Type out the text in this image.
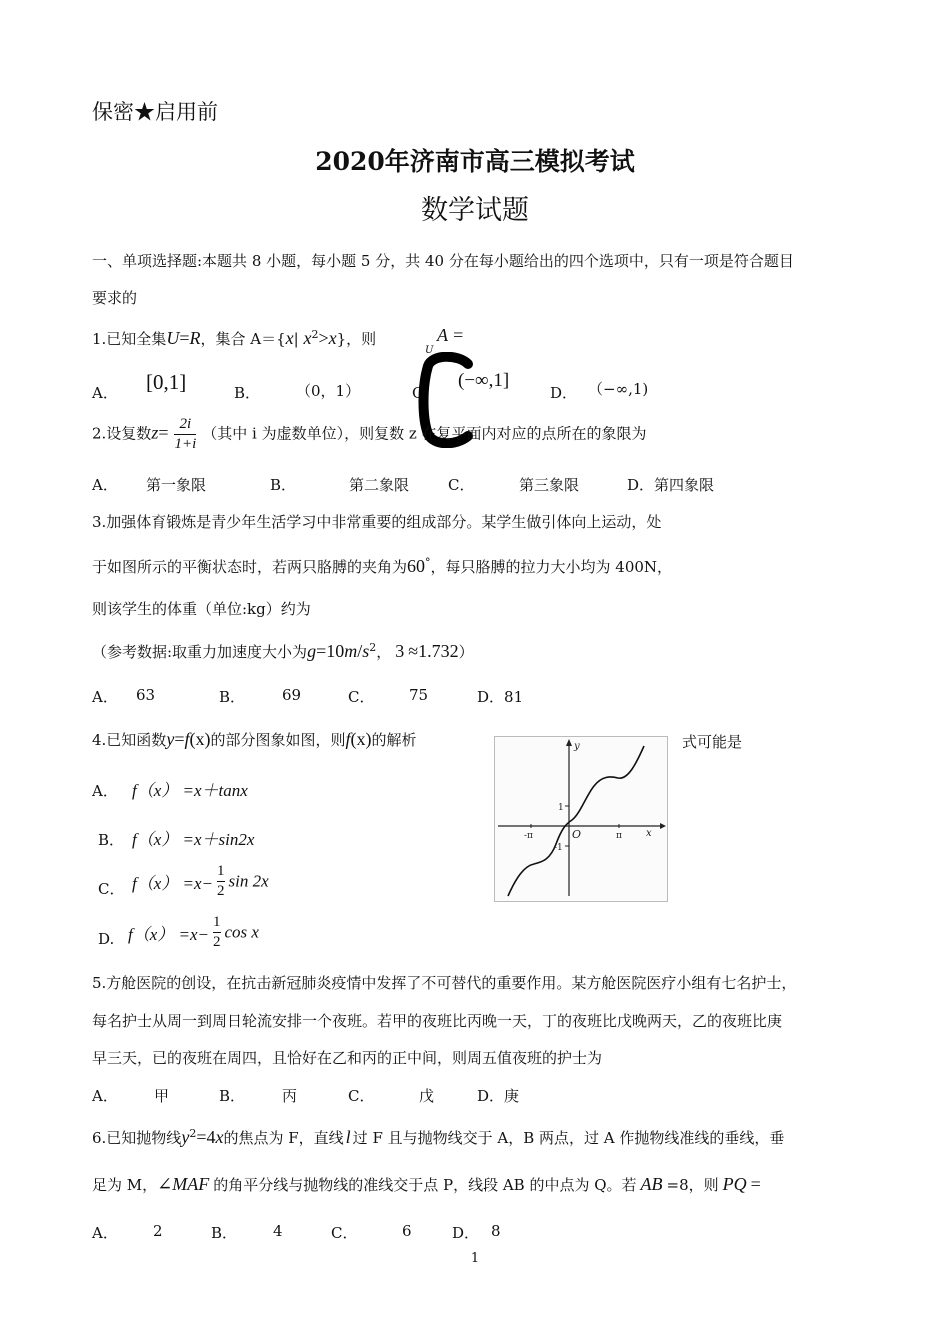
保密★启用前
2020年济南市高三模拟考试
数学试题
一、单项选择题:本题共 8 小题，每小题 5 分，共 40 分在每小题给出的四个选项中，只有一项是符合题目
要求的
1.已知全集U=R，集合 A＝{x| $x^2>x$}，则
U
A =
A． [0,1]	B． （0，1）	C．
(−∞,1]
D． （−∞,1)
2.设复数$z= \frac{2i}{1+i}$ （其中 i 为虚数单位），则复数 z 在复平面内对应的点所在的象限为
A． 第一象限	B．	第二象限	C．	第三象限	D．第四象限
3.加强体育锻炼是青少年生活学习中非常重要的组成部分。某学生做引体向上运动，处
于如图所示的平衡状态时，若两只胳膊的夹角为60°，每只胳膊的拉力大小均为 400N，
则该学生的体重（单位:kg）约为
（参考数据:取重力加速度大小为$g=10m/s^2$， 3 ≈1.732）
A． 63	B． 69	C． 75	D．81
4.已知函数y=f(x)的部分图象如图，则f(x)的解析	式可能是
y
x
O
1
-1
π
-π
A． f（x） =x＋tanx
B． f（x） =x＋sin2x
C． $f(x) =x- \frac{1}{2}$ sin 2x
D. $f(x) =x- \frac{1}{2}$ cos x
5.方舱医院的创设，在抗击新冠肺炎疫情中发挥了不可替代的重要作用。某方舱医院医疗小组有七名护士，
每名护士从周一到周日轮流安排一个夜班。若甲的夜班比丙晚一天，丁的夜班比戊晚两天，乙的夜班比庚
早三天，已的夜班在周四，且恰好在乙和丙的正中间，则周五值夜班的护士为
A． 甲	B． 丙	C．	戊	D．庚
6.已知抛物线$y^2=4x$的焦点为 F，直线 l 过 F 且与抛物线交于 A，B 两点，过 A 作抛物线准线的垂线，垂
足为 M，∠MAF 的角平分线与抛物线的准线交于点 P，线段 AB 的中点为 Q。若 AB =8，则 PQ =
A． 2	B． 4	C．	6	D． 8
1
